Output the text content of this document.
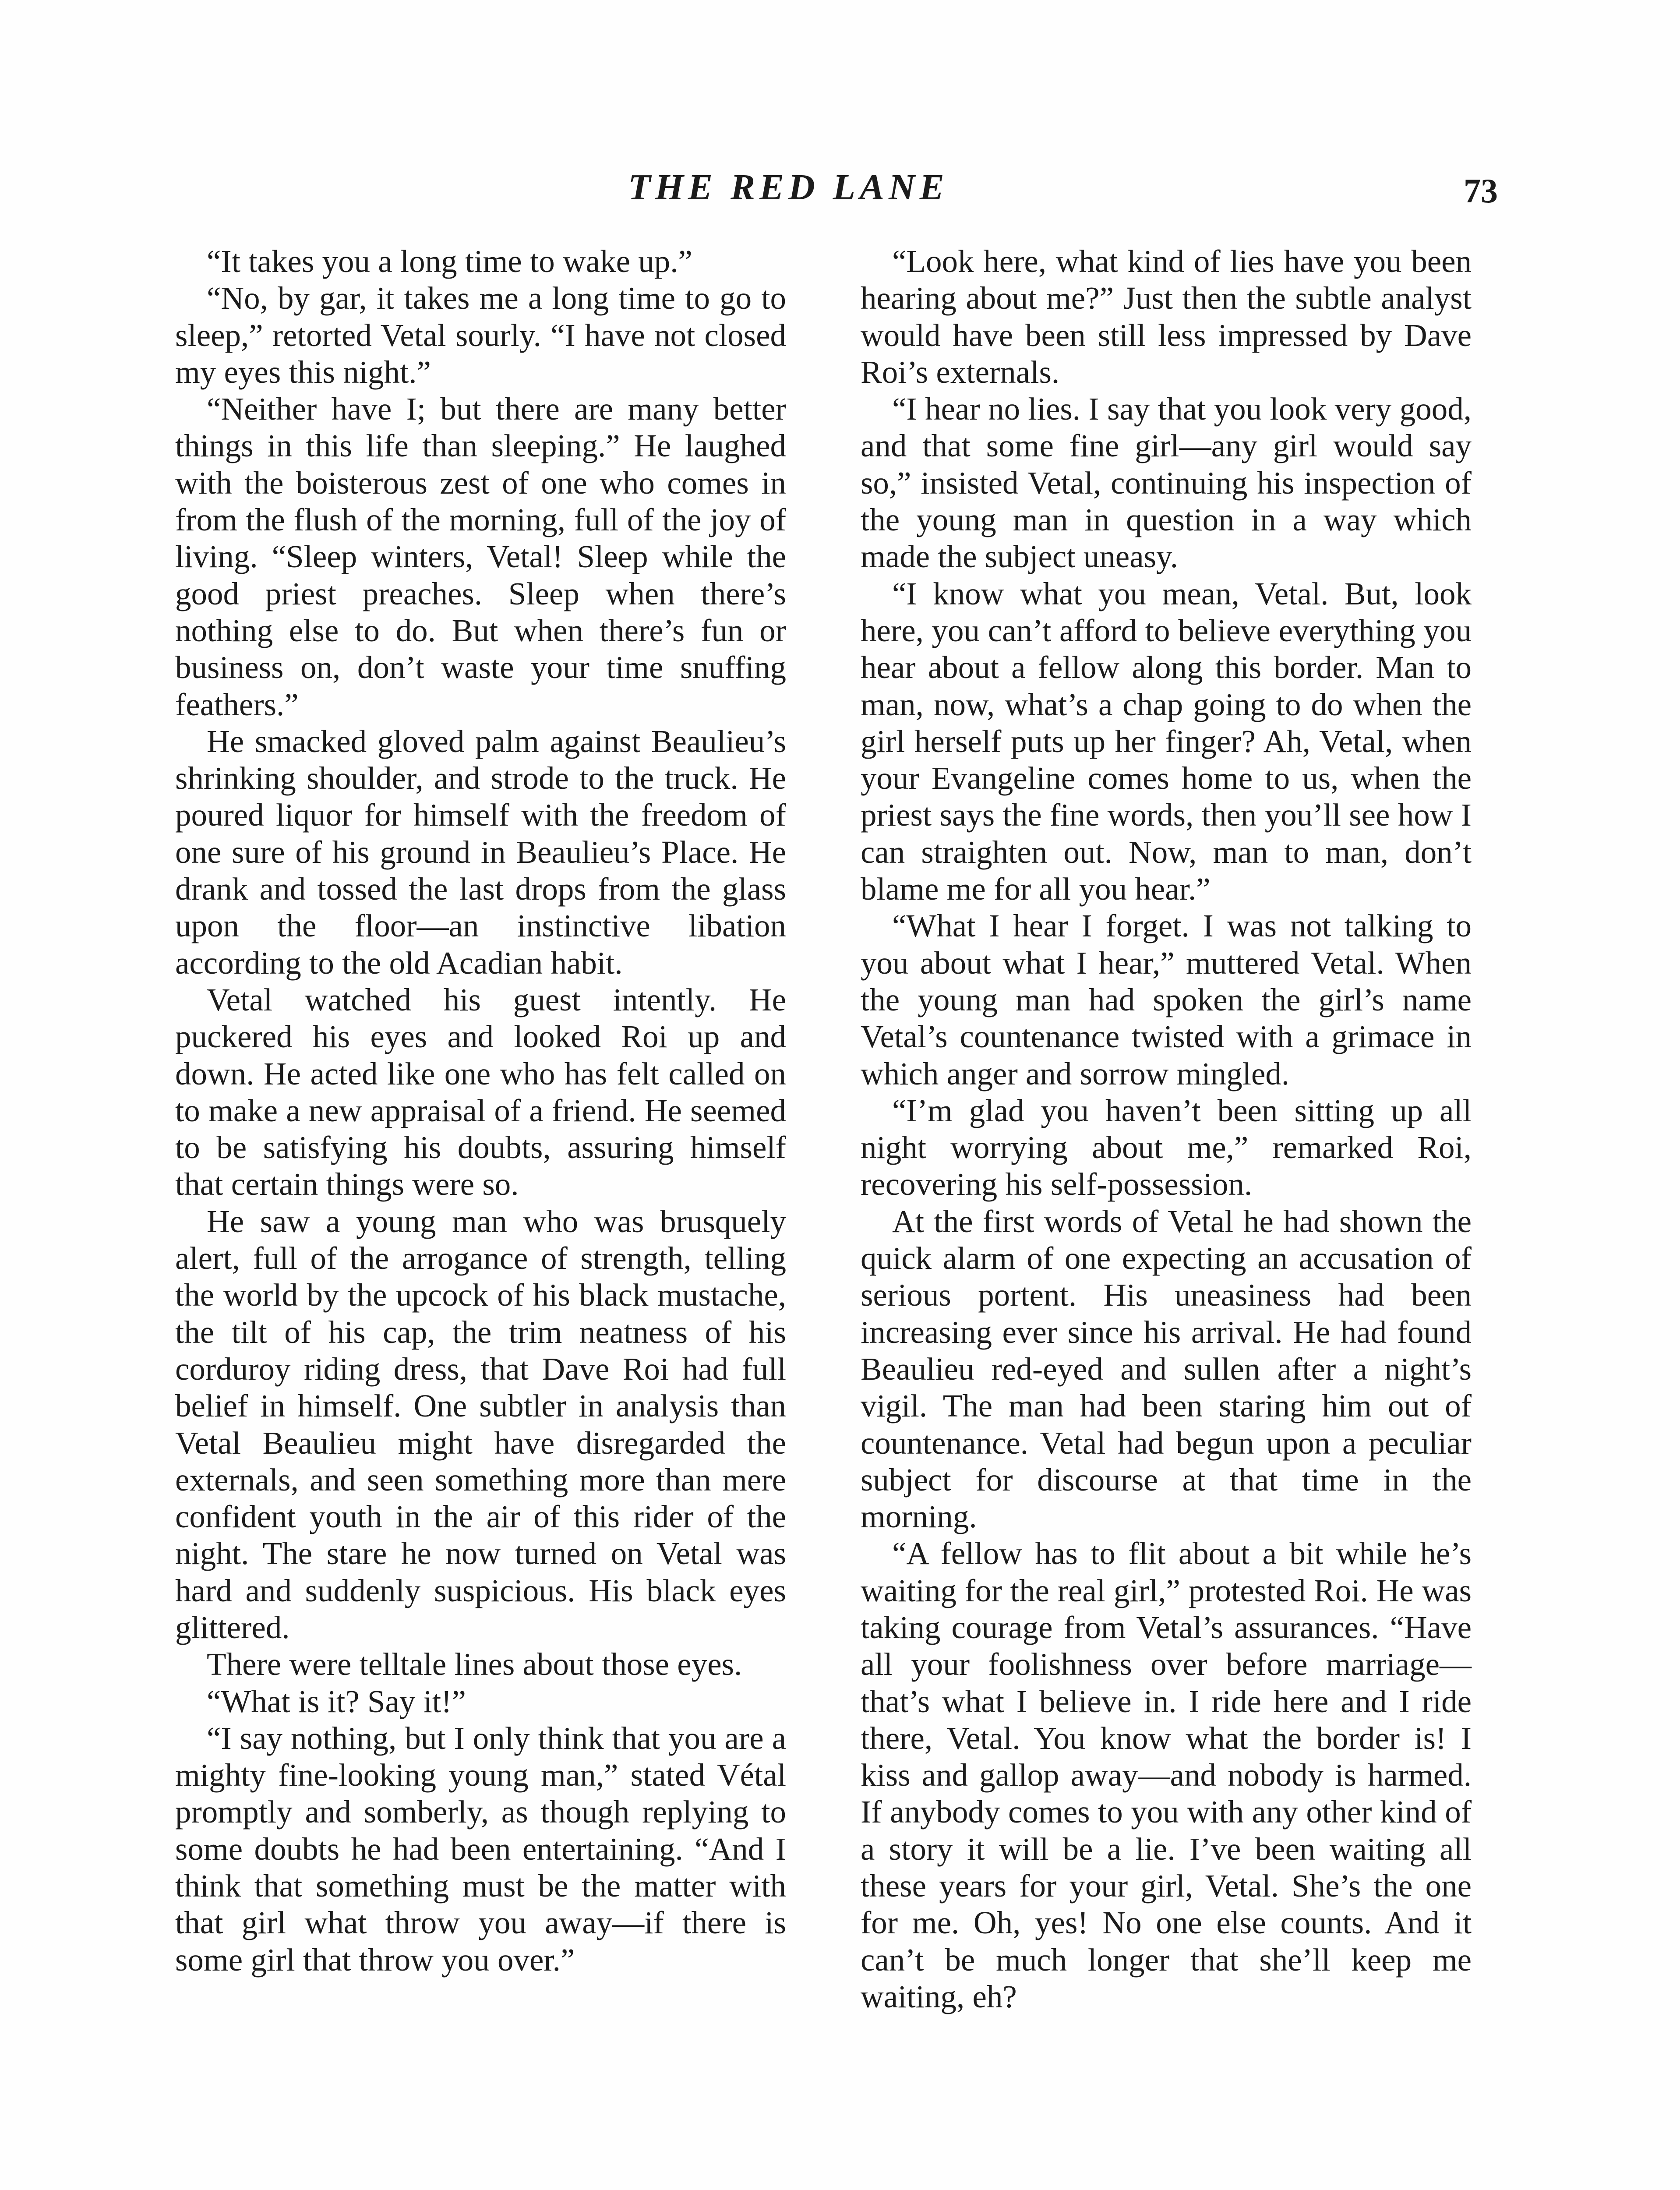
THE RED LANE	73

“It takes you a long time to wake up.”

“No, by gar, it takes me a long time to go to sleep,” retorted Vetal sourly. “I have not closed my eyes this night.”

“Neither have I; but there are many better things in this life than sleeping.” He laughed with the boisterous zest of one who comes in from the flush of the morning, full of the joy of living. “Sleep winters, Vetal! Sleep while the good priest preaches. Sleep when there’s nothing else to do. But when there’s fun or business on, don’t waste your time snuffing feathers.”

He smacked gloved palm against Beaulieu’s shrinking shoulder, and strode to the truck. He poured liquor for himself with the freedom of one sure of his ground in Beaulieu’s Place. He drank and tossed the last drops from the glass upon the floor—an instinctive libation according to the old Acadian habit.

Vetal watched his guest intently. He puckered his eyes and looked Roi up and down. He acted like one who has felt called on to make a new appraisal of a friend. He seemed to be satisfying his doubts, assuring himself that certain things were so.

He saw a young man who was brusquely alert, full of the arrogance of strength, telling the world by the upcock of his black mustache, the tilt of his cap, the trim neatness of his corduroy riding dress, that Dave Roi had full belief in himself. One subtler in analysis than Vetal Beaulieu might have disregarded the externals, and seen something more than mere confident youth in the air of this rider of the night. The stare he now turned on Vetal was hard and suddenly suspicious. His black eyes glittered.

There were telltale lines about those eyes.

“What is it? Say it!”

“I say nothing, but I only think that you are a mighty fine-looking young man,” stated Vétal promptly and somberly, as though replying to some doubts he had been entertaining. “And I think that something must be the matter with that girl what throw you away—if there is some girl that throw you over.”

“Look here, what kind of lies have you been hearing about me?” Just then the subtle analyst would have been still less impressed by Dave Roi’s externals.

“I hear no lies. I say that you look very good, and that some fine girl—any girl would say so,” insisted Vetal, continuing his inspection of the young man in question in a way which made the subject uneasy.

“I know what you mean, Vetal. But, look here, you can’t afford to believe everything you hear about a fellow along this border. Man to man, now, what’s a chap going to do when the girl herself puts up her finger? Ah, Vetal, when your Evangeline comes home to us, when the priest says the fine words, then you’ll see how I can straighten out. Now, man to man, don’t blame me for all you hear.”

“What I hear I forget. I was not talking to you about what I hear,” muttered Vetal. When the young man had spoken the girl’s name Vetal’s countenance twisted with a grimace in which anger and sorrow mingled.

“I’m glad you haven’t been sitting up all night worrying about me,” remarked Roi, recovering his self-possession.

At the first words of Vetal he had shown the quick alarm of one expecting an accusation of serious portent. His uneasiness had been increasing ever since his arrival. He had found Beaulieu red-eyed and sullen after a night’s vigil. The man had been staring him out of countenance. Vetal had begun upon a peculiar subject for discourse at that time in the morning.

“A fellow has to flit about a bit while he’s waiting for the real girl,” protested Roi. He was taking courage from Vetal’s assurances. “Have all your foolishness over before marriage—that’s what I believe in. I ride here and I ride there, Vetal. You know what the border is! I kiss and gallop away—and nobody is harmed. If anybody comes to you with any other kind of a story it will be a lie. I’ve been waiting all these years for your girl, Vetal. She’s the one for me. Oh, yes! No one else counts. And it can’t be much longer that she’ll keep me waiting, eh?
